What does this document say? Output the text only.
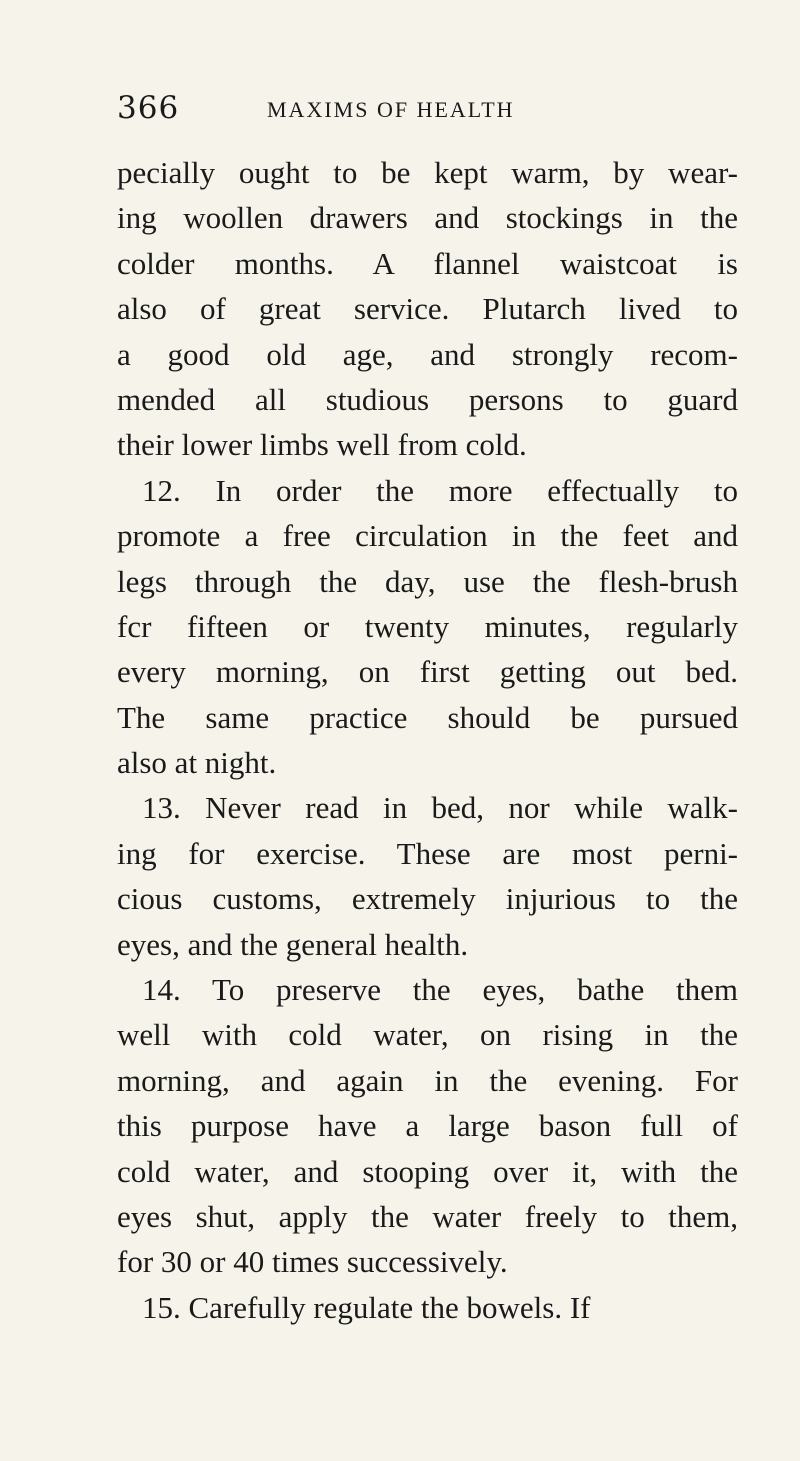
366	MAXIMS OF HEALTH
pecially ought to be kept warm, by wear-
ing woollen drawers and stockings in the
colder months. A flannel waistcoat is
also of great service. Plutarch lived to
a good old age, and strongly recom-
mended all studious persons to guard
their lower limbs well from cold.
12. In order the more effectually to
promote a free circulation in the feet and
legs through the day, use the flesh-brush
fcr fifteen or twenty minutes, regularly
every morning, on first getting out bed.
The same practice should be pursued
also at night.
13. Never read in bed, nor while walk-
ing for exercise. These are most perni-
cious customs, extremely injurious to the
eyes, and the general health.
14. To preserve the eyes, bathe them
well with cold water, on rising in the
morning, and again in the evening. For
this purpose have a large bason full of
cold water, and stooping over it, with the
eyes shut, apply the water freely to them,
for 30 or 40 times successively.
15. Carefully regulate the bowels. If
